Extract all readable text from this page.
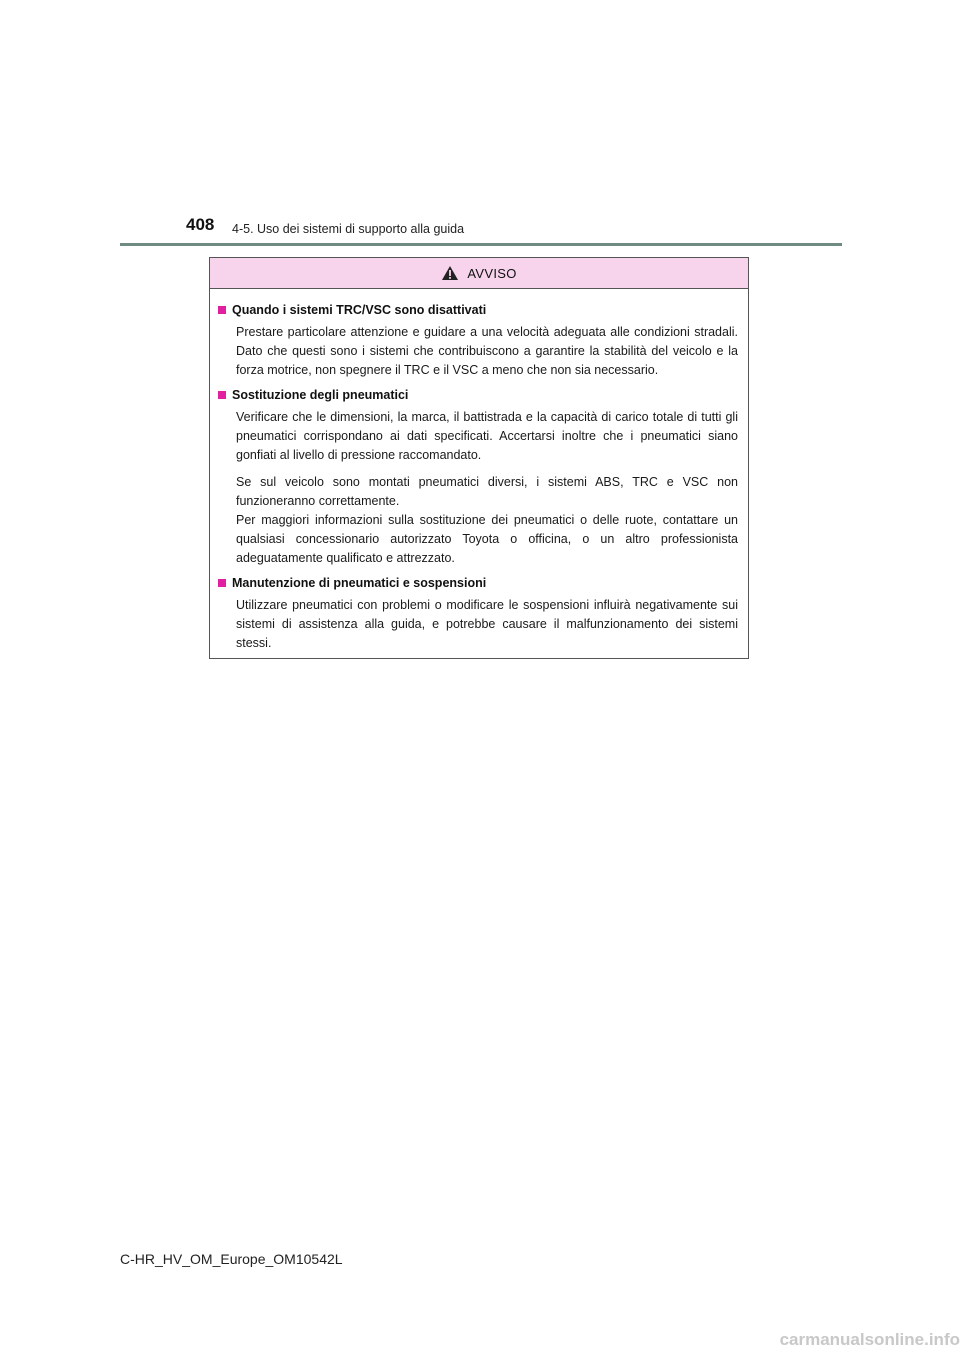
408 4-5. Uso dei sistemi di supporto alla guida
AVVISO
Quando i sistemi TRC/VSC sono disattivati

Prestare particolare attenzione e guidare a una velocità adeguata alle condizioni stradali. Dato che questi sono i sistemi che contribuiscono a garantire la stabilità del veicolo e la forza motrice, non spegnere il TRC e il VSC a meno che non sia necessario.

Sostituzione degli pneumatici

Verificare che le dimensioni, la marca, il battistrada e la capacità di carico totale di tutti gli pneumatici corrispondano ai dati specificati. Accertarsi inoltre che i pneumatici siano gonfiati al livello di pressione raccomandato.

Se sul veicolo sono montati pneumatici diversi, i sistemi ABS, TRC e VSC non funzioneranno correttamente.

Per maggiori informazioni sulla sostituzione dei pneumatici o delle ruote, contattare un qualsiasi concessionario autorizzato Toyota o officina, o un altro professionista adeguatamente qualificato e attrezzato.

Manutenzione di pneumatici e sospensioni

Utilizzare pneumatici con problemi o modificare le sospensioni influirà negativamente sui sistemi di assistenza alla guida, e potrebbe causare il malfunzionamento dei sistemi stessi.

C-HR_HV_OM_Europe_OM10542L
carmanualsonline.info
